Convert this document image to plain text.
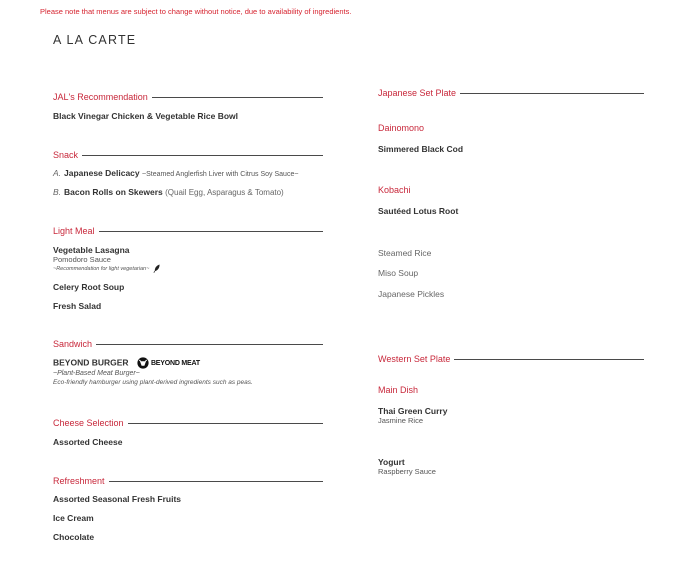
Please note that menus are subject to change without notice, due to availability of ingredients.
A LA CARTE
JAL's Recommendation
Black Vinegar Chicken & Vegetable Rice Bowl
Snack
A. Japanese Delicacy ~Steamed Anglerfish Liver with Citrus Soy Sauce~
B. Bacon Rolls on Skewers (Quail Egg, Asparagus & Tomato)
Light Meal
Vegetable Lasagna
Pomodoro Sauce
~Recommendation for light vegetarian~
Celery Root Soup
Fresh Salad
Sandwich
BEYOND BURGER	BEYOND MEAT
~Plant-Based Meat Burger~
Eco-friendly hamburger using plant-derived ingredients such as peas.
Cheese Selection
Assorted Cheese
Refreshment
Assorted Seasonal Fresh Fruits
Ice Cream
Chocolate
Japanese Set Plate
Dainomono
Simmered Black Cod
Kobachi
Sautéed Lotus Root
Steamed Rice
Miso Soup
Japanese Pickles
Western Set Plate
Main Dish
Thai Green Curry
Jasmine Rice
Yogurt
Raspberry Sauce
